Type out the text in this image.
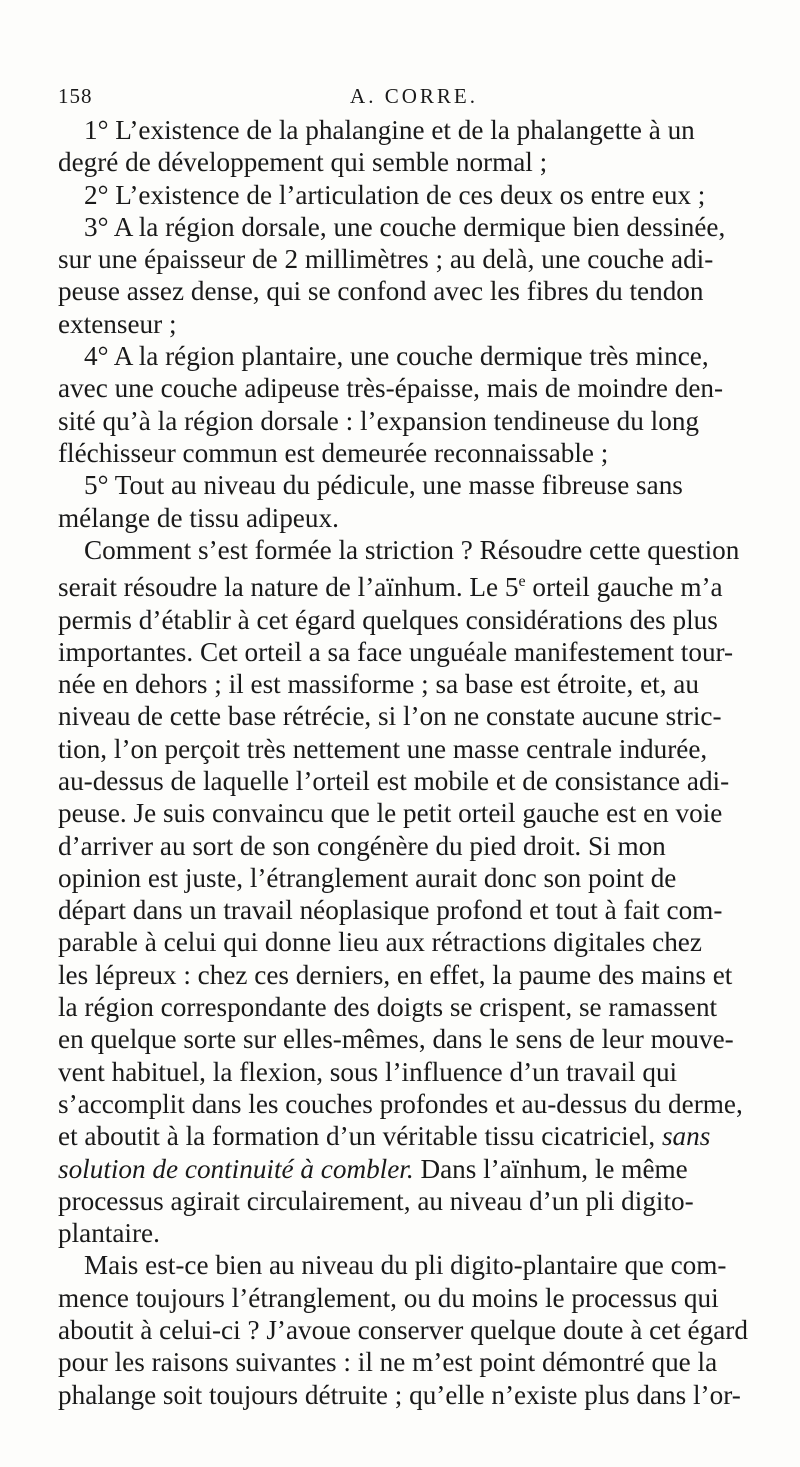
158	A. CORRE.

1° L’existence de la phalangine et de la phalangette à un
degré de développement qui semble normal ;

2° L’existence de l’articulation de ces deux os entre eux ;

3° A la région dorsale, une couche dermique bien dessinée,
sur une épaisseur de 2 millimètres ; au delà, une couche adi-
peuse assez dense, qui se confond avec les fibres du tendon
extenseur ;

4° A la région plantaire, une couche dermique très mince,
avec une couche adipeuse très-épaisse, mais de moindre den-
sité qu’à la région dorsale : l’expansion tendineuse du long
fléchisseur commun est demeurée reconnaissable ;

5° Tout au niveau du pédicule, une masse fibreuse sans
mélange de tissu adipeux.

Comment s’est formée la striction ? Résoudre cette question
serait résoudre la nature de l’aïnhum. Le 5e orteil gauche m’a
permis d’établir à cet égard quelques considérations des plus
importantes. Cet orteil a sa face unguéale manifestement tour-
née en dehors ; il est massiforme ; sa base est étroite, et, au
niveau de cette base rétrécie, si l’on ne constate aucune stric-
tion, l’on perçoit très nettement une masse centrale indurée,
au-dessus de laquelle l’orteil est mobile et de consistance adi-
peuse. Je suis convaincu que le petit orteil gauche est en voie
d’arriver au sort de son congénère du pied droit. Si mon
opinion est juste, l’étranglement aurait donc son point de
départ dans un travail néoplasique profond et tout à fait com-
parable à celui qui donne lieu aux rétractions digitales chez
les lépreux : chez ces derniers, en effet, la paume des mains et
la région correspondante des doigts se crispent, se ramassent
en quelque sorte sur elles-mêmes, dans le sens de leur mouve-
vent habituel, la flexion, sous l’influence d’un travail qui
s’accomplit dans les couches profondes et au-dessus du derme,
et aboutit à la formation d’un véritable tissu cicatriciel, sans
solution de continuité à combler. Dans l’aïnhum, le même
processus agirait circulairement, au niveau d’un pli digito-
plantaire.

Mais est-ce bien au niveau du pli digito-plantaire que com-
mence toujours l’étranglement, ou du moins le processus qui
aboutit à celui-ci ? J’avoue conserver quelque doute à cet égard
pour les raisons suivantes : il ne m’est point démontré que la
phalange soit toujours détruite ; qu’elle n’existe plus dans l’or-
